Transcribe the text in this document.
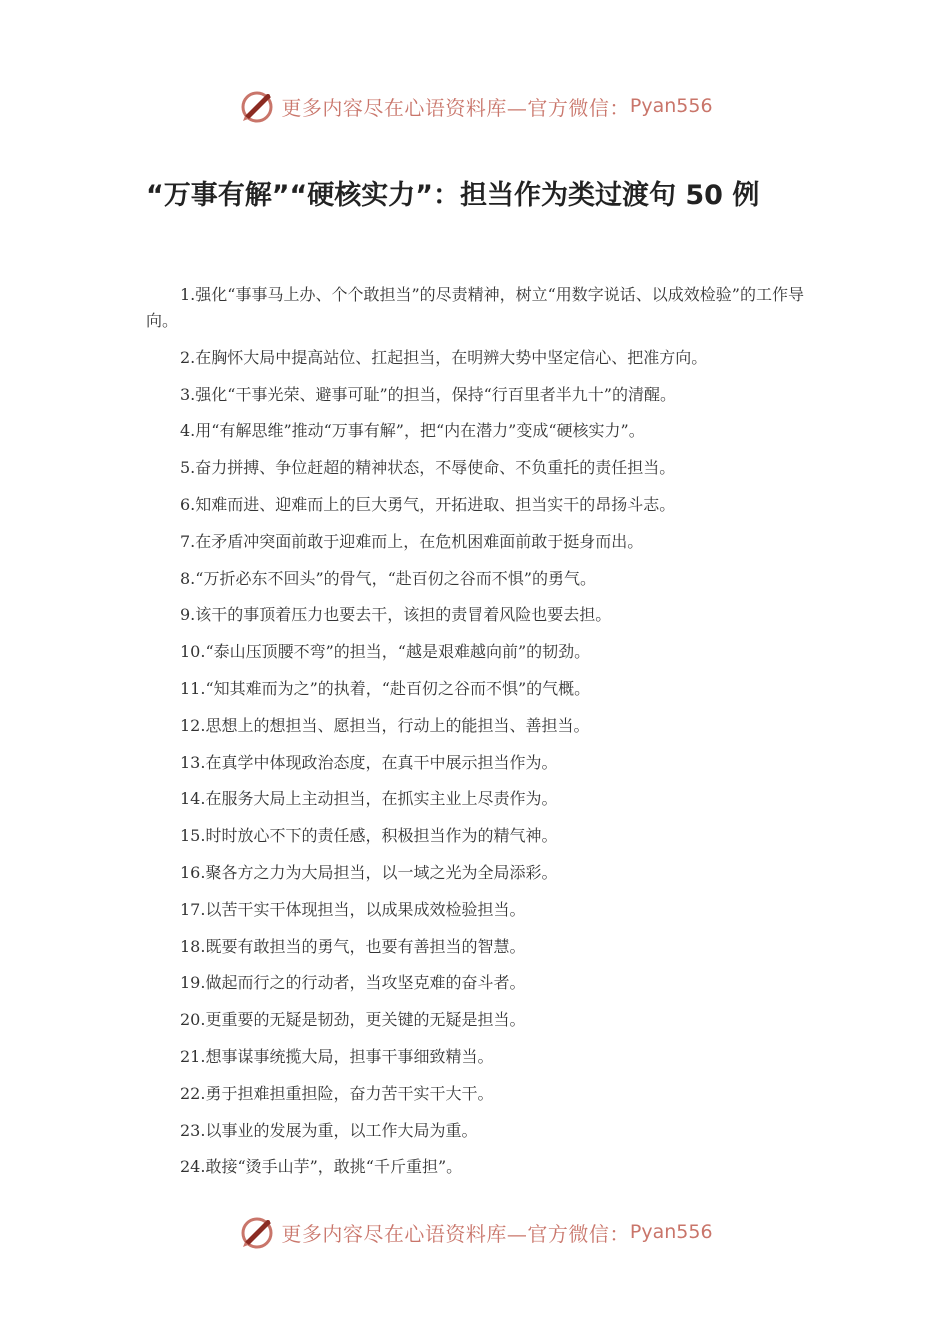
更多内容尽在心语资料库—官方微信： Pyan556
“万事有解”“硬核实力”：担当作为类过渡句 50 例

1.强化“事事马上办、个个敢担当”的尽责精神，树立“用数字说话、以成效检验”的工作导向。

2.在胸怀大局中提高站位、扛起担当，在明辨大势中坚定信心、把准方向。

3.强化“干事光荣、避事可耻”的担当，保持“行百里者半九十”的清醒。

4.用“有解思维”推动“万事有解”，把“内在潜力”变成“硬核实力”。

5.奋力拼搏、争位赶超的精神状态，不辱使命、不负重托的责任担当。

6.知难而进、迎难而上的巨大勇气，开拓进取、担当实干的昂扬斗志。

7.在矛盾冲突面前敢于迎难而上，在危机困难面前敢于挺身而出。

8.“万折必东不回头”的骨气，“赴百仞之谷而不惧”的勇气。

9.该干的事顶着压力也要去干，该担的责冒着风险也要去担。

10.“泰山压顶腰不弯”的担当，“越是艰难越向前”的韧劲。

11.“知其难而为之”的执着，“赴百仞之谷而不惧”的气概。

12.思想上的想担当、愿担当，行动上的能担当、善担当。

13.在真学中体现政治态度，在真干中展示担当作为。

14.在服务大局上主动担当，在抓实主业上尽责作为。

15.时时放心不下的责任感，积极担当作为的精气神。

16.聚各方之力为大局担当，以一域之光为全局添彩。

17.以苦干实干体现担当，以成果成效检验担当。

18.既要有敢担当的勇气，也要有善担当的智慧。

19.做起而行之的行动者，当攻坚克难的奋斗者。

20.更重要的无疑是韧劲，更关键的无疑是担当。

21.想事谋事统揽大局，担事干事细致精当。

22.勇于担难担重担险，奋力苦干实干大干。

23.以事业的发展为重，以工作大局为重。

24.敢接“烫手山芋”，敢挑“千斤重担”。

更多内容尽在心语资料库—官方微信： Pyan556
